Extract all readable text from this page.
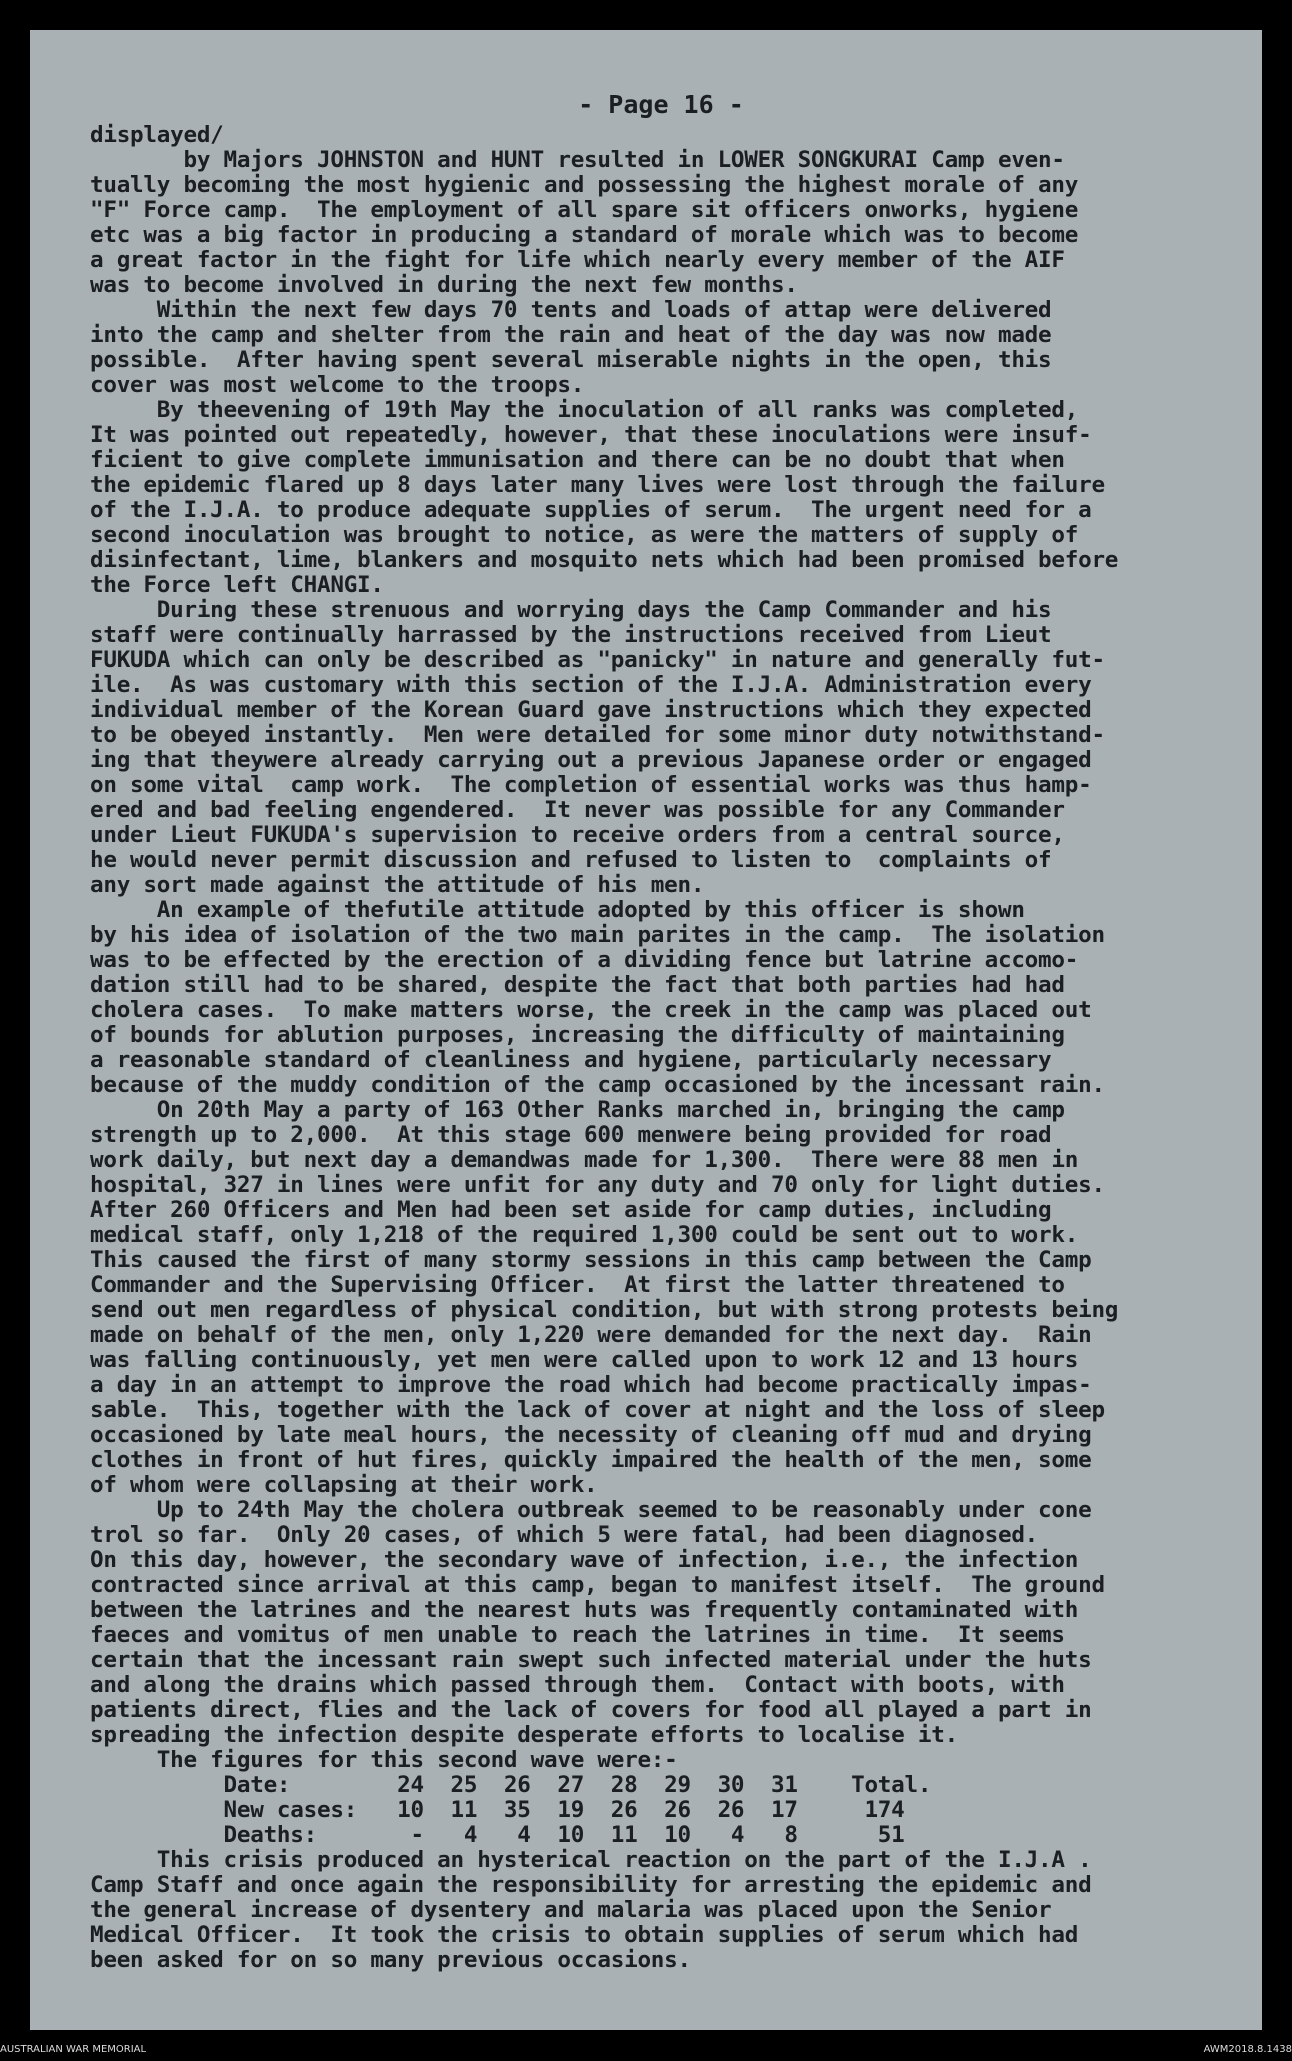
- Page 16 -
displayed/
by Majors JOHNSTON and HUNT resulted in LOWER SONGKURAI Camp even-
tually becoming the most hygienic and possessing the highest morale of any
"F" Force camp.  The employment of all spare sit officers onworks, hygiene
etc was a big factor in producing a standard of morale which was to become
a great factor in the fight for life which nearly every member of the AIF
was to become involved in during the next few months.
Within the next few days 70 tents and loads of attap were delivered
into the camp and shelter from the rain and heat of the day was now made
possible.  After having spent several miserable nights in the open, this
cover was most welcome to the troops.
By theevening of 19th May the inoculation of all ranks was completed,
It was pointed out repeatedly, however, that these inoculations were insuf-
ficient to give complete immunisation and there can be no doubt that when
the epidemic flared up 8 days later many lives were lost through the failure
of the I.J.A. to produce adequate supplies of serum.  The urgent need for a
second inoculation was brought to notice, as were the matters of supply of
disinfectant, lime, blankers and mosquito nets which had been promised before
the Force left CHANGI.
During these strenuous and worrying days the Camp Commander and his
staff were continually harrassed by the instructions received from Lieut
FUKUDA which can only be described as "panicky" in nature and generally fut-
ile.  As was customary with this section of the I.J.A. Administration every
individual member of the Korean Guard gave instructions which they expected
to be obeyed instantly.  Men were detailed for some minor duty notwithstand-
ing that theywere already carrying out a previous Japanese order or engaged
on some vital  camp work.  The completion of essential works was thus hamp-
ered and bad feeling engendered.  It never was possible for any Commander
under Lieut FUKUDA's supervision to receive orders from a central source,
he would never permit discussion and refused to listen to  complaints of
any sort made against the attitude of his men.
An example of thefutile attitude adopted by this officer is shown
by his idea of isolation of the two main parites in the camp.  The isolation
was to be effected by the erection of a dividing fence but latrine accomo-
dation still had to be shared, despite the fact that both parties had had
cholera cases.  To make matters worse, the creek in the camp was placed out
of bounds for ablution purposes, increasing the difficulty of maintaining
a reasonable standard of cleanliness and hygiene, particularly necessary
because of the muddy condition of the camp occasioned by the incessant rain.
On 20th May a party of 163 Other Ranks marched in, bringing the camp
strength up to 2,000.  At this stage 600 menwere being provided for road
work daily, but next day a demandwas made for 1,300.  There were 88 men in
hospital, 327 in lines were unfit for any duty and 70 only for light duties.
After 260 Officers and Men had been set aside for camp duties, including
medical staff, only 1,218 of the required 1,300 could be sent out to work.
This caused the first of many stormy sessions in this camp between the Camp
Commander and the Supervising Officer.  At first the latter threatened to
send out men regardless of physical condition, but with strong protests being
made on behalf of the men, only 1,220 were demanded for the next day.  Rain
was falling continuously, yet men were called upon to work 12 and 13 hours
a day in an attempt to improve the road which had become practically impas-
sable.  This, together with the lack of cover at night and the loss of sleep
occasioned by late meal hours, the necessity of cleaning off mud and drying
clothes in front of hut fires, quickly impaired the health of the men, some
of whom were collapsing at their work.
Up to 24th May the cholera outbreak seemed to be reasonably under cone
trol so far.  Only 20 cases, of which 5 were fatal, had been diagnosed.
On this day, however, the secondary wave of infection, i.e., the infection
contracted since arrival at this camp, began to manifest itself.  The ground
between the latrines and the nearest huts was frequently contaminated with
faeces and vomitus of men unable to reach the latrines in time.  It seems
certain that the incessant rain swept such infected material under the huts
and along the drains which passed through them.  Contact with boots, with
patients direct, flies and the lack of covers for food all played a part in
spreading the infection despite desperate efforts to localise it.
The figures for this second wave were:-
Date:        24  25  26  27  28  29  30  31    Total.
New cases:   10  11  35  19  26  26  26  17     174
Deaths:       -   4   4  10  11  10   4   8      51
This crisis produced an hysterical reaction on the part of the I.J.A .
Camp Staff and once again the responsibility for arresting the epidemic and
the general increase of dysentery and malaria was placed upon the Senior
Medical Officer.  It took the crisis to obtain supplies of serum which had
been asked for on so many previous occasions.
AUSTRALIAN WAR MEMORIAL	AWM2018.8.1438
